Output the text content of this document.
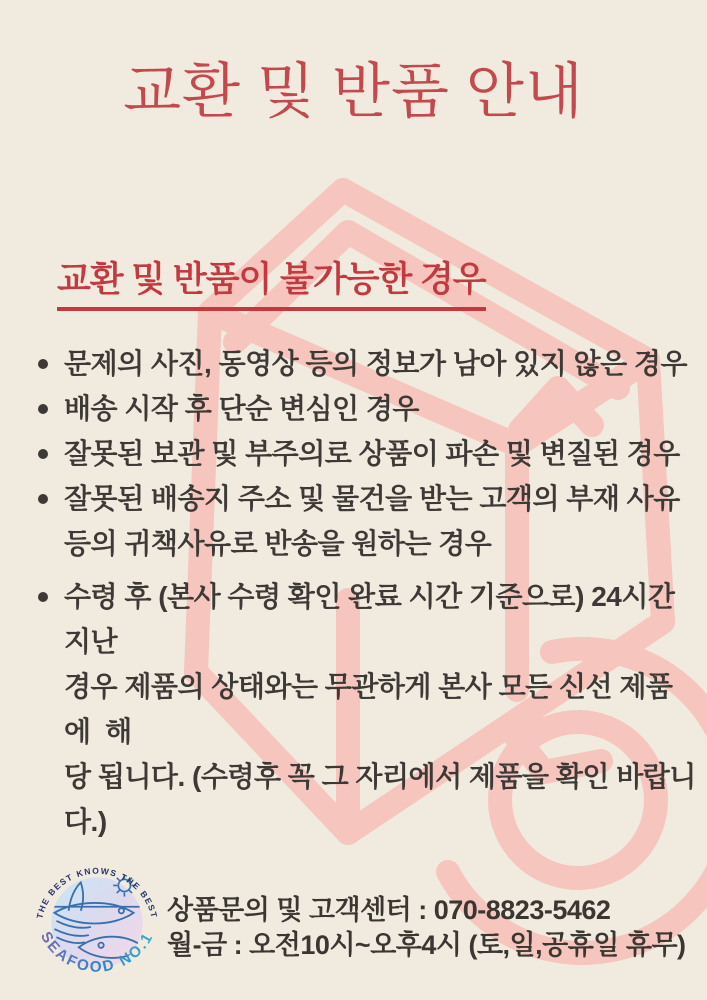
교환 및 반품 안내
교환 및 반품이 불가능한 경우
문제의 사진, 동영상 등의 정보가 남아 있지 않은 경우
배송 시작 후 단순 변심인 경우
잘못된 보관 및 부주의로 상품이 파손 및 변질된 경우
잘못된 배송지 주소 및 물건을 받는 고객의 부재 사유
등의 귀책사유로 반송을 원하는 경우
수령 후 (본사 수령 확인 완료 시간 기준으로) 24시간 지난
경우 제품의 상태와는 무관하게 본사 모든 신선 제품에  해
당 됩니다. (수령후 꼭 그 자리에서 제품을 확인 바랍니다.)
THE BEST KNOWS THE BEST
SEAFOOD NO.1

상품문의 및 고객센터 : 070-8823-5462

월-금 : 오전10시~오후4시 (토,일,공휴일 휴무)
